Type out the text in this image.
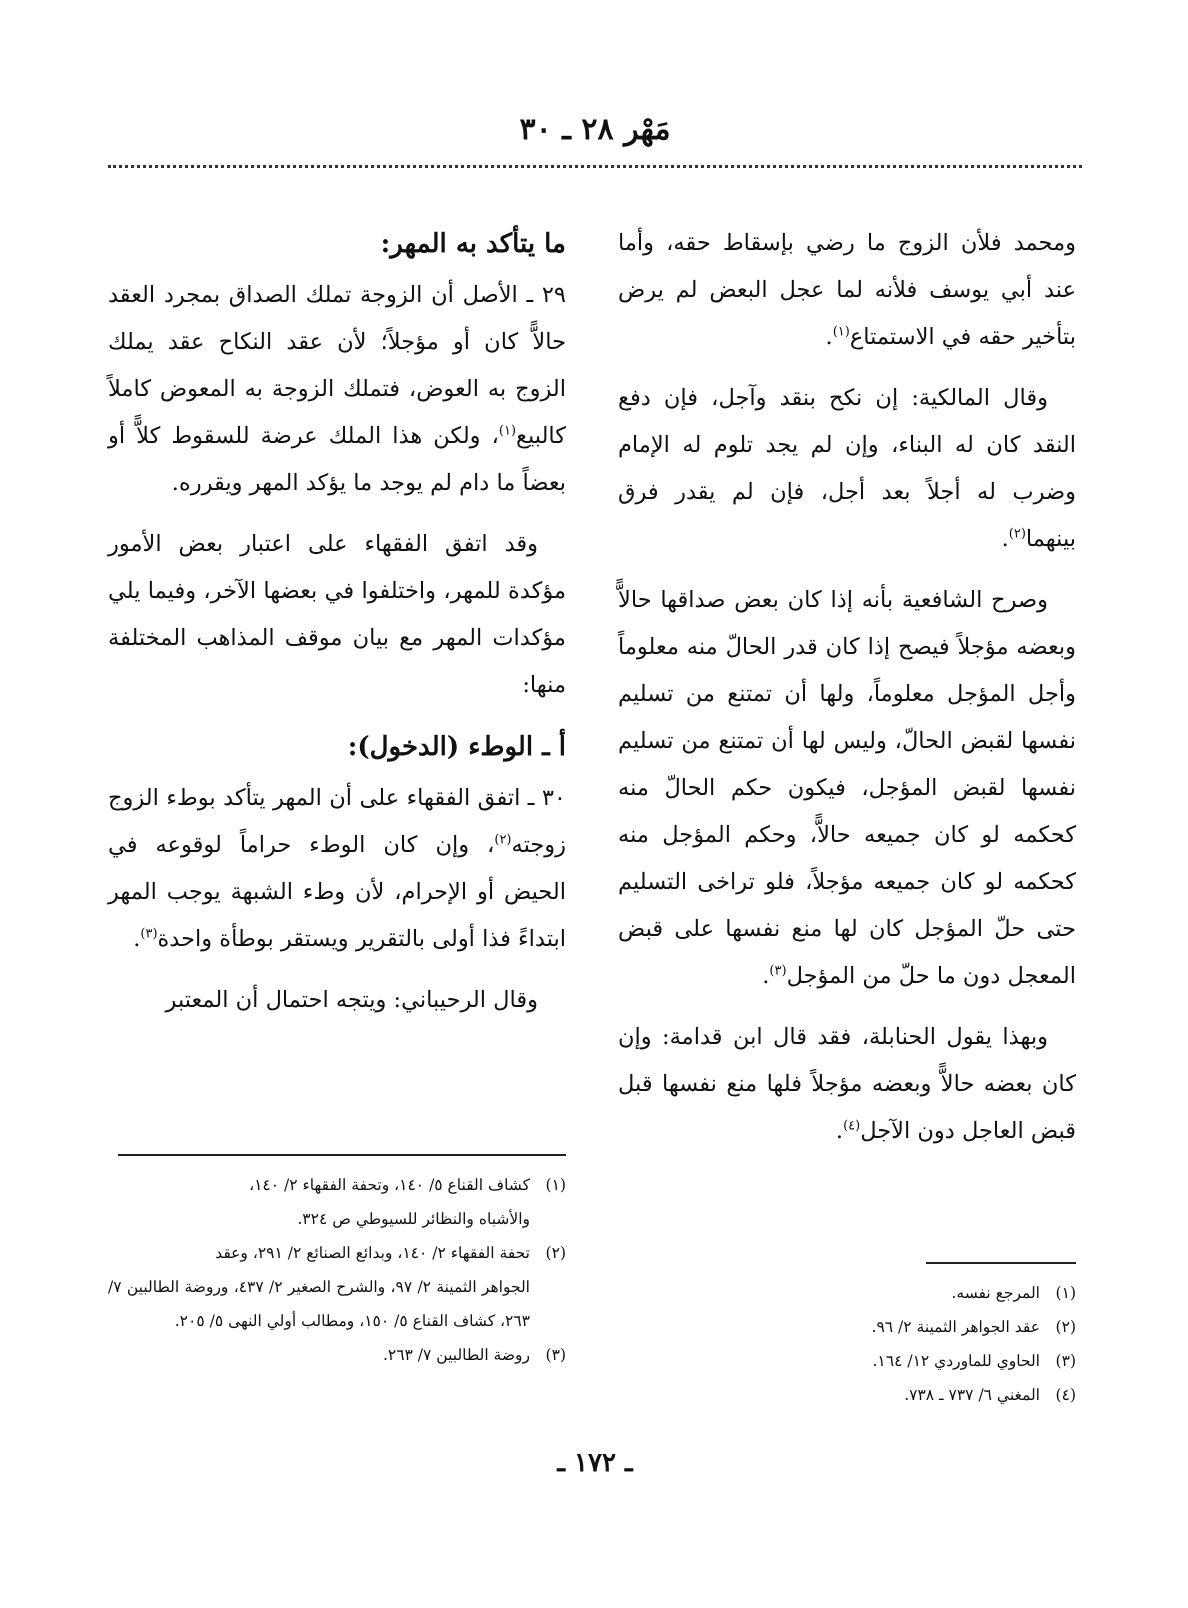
مَهْر ٢٨ ـ ٣٠

ومحمد فلأن الزوج ما رضي بإسقاط حقه، وأما عند أبي يوسف فلأنه لما عجل البعض لم يرض بتأخير حقه في الاستمتاع$^{(١)}$.

وقال المالكية: إن نكح بنقد وآجل، فإن دفع النقد كان له البناء، وإن لم يجد تلوم له الإمام وضرب له أجلاً بعد أجل، فإن لم يقدر فرق بينهما$^{(٢)}$.

وصرح الشافعية بأنه إذا كان بعض صداقها حالاًّ وبعضه مؤجلاً فيصح إذا كان قدر الحالّ منه معلوماً وأجل المؤجل معلوماً، ولها أن تمتنع من تسليم نفسها لقبض الحالّ، وليس لها أن تمتنع من تسليم نفسها لقبض المؤجل، فيكون حكم الحالّ منه كحكمه لو كان جميعه حالاًّ، وحكم المؤجل منه كحكمه لو كان جميعه مؤجلاً، فلو تراخى التسليم حتى حلّ المؤجل كان لها منع نفسها على قبض المعجل دون ما حلّ من المؤجل$^{(٣)}$.

وبهذا يقول الحنابلة، فقد قال ابن قدامة: وإن كان بعضه حالاًّ وبعضه مؤجلاً فلها منع نفسها قبل قبض العاجل دون الآجل$^{(٤)}$.

ما يتأكد به المهر:

٢٩ ـ الأصل أن الزوجة تملك الصداق بمجرد العقد حالاًّ كان أو مؤجلاً؛ لأن عقد النكاح عقد يملك الزوج به العوض، فتملك الزوجة به المعوض كاملاً كالبيع$^{(١)}$، ولكن هذا الملك عرضة للسقوط كلاًّ أو بعضاً ما دام لم يوجد ما يؤكد المهر ويقرره.

وقد اتفق الفقهاء على اعتبار بعض الأمور مؤكدة للمهر، واختلفوا في بعضها الآخر، وفيما يلي مؤكدات المهر مع بيان موقف المذاهب المختلفة منها:

أ ـ الوطء (الدخول):

٣٠ ـ اتفق الفقهاء على أن المهر يتأكد بوطء الزوج زوجته$^{(٢)}$، وإن كان الوطء حراماً لوقوعه في الحيض أو الإحرام، لأن وطء الشبهة يوجب المهر ابتداءً فذا أولى بالتقرير ويستقر بوطأة واحدة$^{(٣)}$.

وقال الرحيباني: ويتجه احتمال أن المعتبر

(١)المرجع نفسه.

(٢)عقد الجواهر الثمينة ٢/ ٩٦.

(٣)الحاوي للماوردي ١٢/ ١٦٤.

(٤)المغني ٦/ ٧٣٧ ـ ٧٣٨.

(١)كشاف القناع ٥/ ١٤٠، وتحفة الفقهاء ٢/ ١٤٠،

والأشباه والنظائر للسيوطي ص ٣٢٤.

(٢)تحفة الفقهاء ٢/ ١٤٠، وبدائع الصنائع ٢/ ٢٩١، وعقد

الجواهر الثمينة ٢/ ٩٧، والشرح الصغير ٢/ ٤٣٧، وروضة الطالبين ٧/ ٢٦٣، كشاف القناع ٥/ ١٥٠، ومطالب أولي النهى ٥/ ٢٠٥.

(٣)روضة الطالبين ٧/ ٢٦٣.

ـ ١٧٢ ـ
